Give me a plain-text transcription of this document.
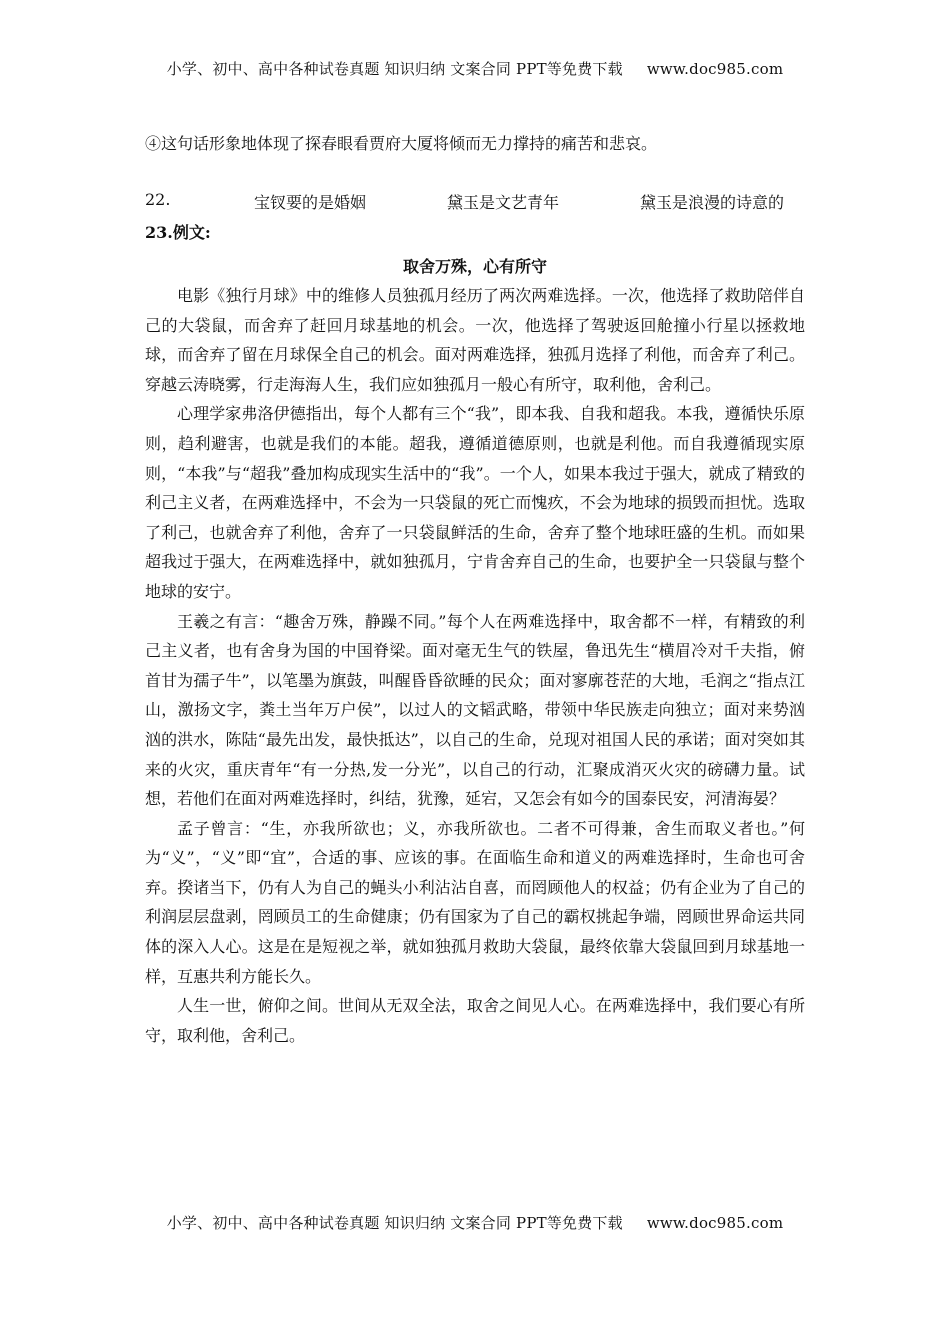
小学、初中、高中各种试卷真题 知识归纳 文案合同 PPT等免费下载 www.doc985.com
④这句话形象地体现了探春眼看贾府大厦将倾而无力撑持的痛苦和悲哀。
22.	宝钗要的是婚姻	黛玉是文艺青年	黛玉是浪漫的诗意的
23.例文:
取舍万殊，心有所守

电影《独行月球》中的维修人员独孤月经历了两次两难选择。一次，他选择了救助陪伴自己的大袋鼠，而舍弃了赶回月球基地的机会。一次，他选择了驾驶返回舱撞小行星以拯救地球，而舍弃了留在月球保全自己的机会。面对两难选择，独孤月选择了利他，而舍弃了利己。穿越云涛晓雾，行走海海人生，我们应如独孤月一般心有所守，取利他，舍利己。

心理学家弗洛伊德指出，每个人都有三个“我”，即本我、自我和超我。本我，遵循快乐原则，趋利避害，也就是我们的本能。超我，遵循道德原则，也就是利他。而自我遵循现实原则，“本我”与“超我”叠加构成现实生活中的“我”。一个人，如果本我过于强大，就成了精致的利己主义者，在两难选择中，不会为一只袋鼠的死亡而愧疚，不会为地球的损毁而担忧。选取了利己，也就舍弃了利他，舍弃了一只袋鼠鲜活的生命，舍弃了整个地球旺盛的生机。而如果超我过于强大，在两难选择中，就如独孤月，宁肯舍弃自己的生命，也要护全一只袋鼠与整个地球的安宁。

王羲之有言：“趣舍万殊，静躁不同。”每个人在两难选择中，取舍都不一样，有精致的利己主义者，也有舍身为国的中国脊梁。面对毫无生气的铁屋，鲁迅先生“横眉冷对千夫指，俯首甘为孺子牛”，以笔墨为旗鼓，叫醒昏昏欲睡的民众；面对寥廓苍茫的大地，毛润之“指点江山，激扬文字，粪土当年万户侯”，以过人的文韬武略，带领中华民族走向独立；面对来势汹汹的洪水，陈陆“最先出发，最快抵达”，以自己的生命，兑现对祖国人民的承诺；面对突如其来的火灾，重庆青年“有一分热,发一分光”，以自己的行动，汇聚成消灭火灾的磅礴力量。试想，若他们在面对两难选择时，纠结，犹豫，延宕，又怎会有如今的国泰民安，河清海晏？

孟子曾言：“生，亦我所欲也；义，亦我所欲也。二者不可得兼，舍生而取义者也。”何为“义”，“义”即“宜”，合适的事、应该的事。在面临生命和道义的两难选择时，生命也可舍弃。揆诸当下，仍有人为自己的蝇头小利沾沾自喜，而罔顾他人的权益；仍有企业为了自己的利润层层盘剥，罔顾员工的生命健康；仍有国家为了自己的霸权挑起争端，罔顾世界命运共同体的深入人心。这是在是短视之举，就如独孤月救助大袋鼠，最终依靠大袋鼠回到月球基地一样，互惠共利方能长久。

人生一世，俯仰之间。世间从无双全法，取舍之间见人心。在两难选择中，我们要心有所守，取利他，舍利己。

小学、初中、高中各种试卷真题 知识归纳 文案合同 PPT等免费下载 www.doc985.com
